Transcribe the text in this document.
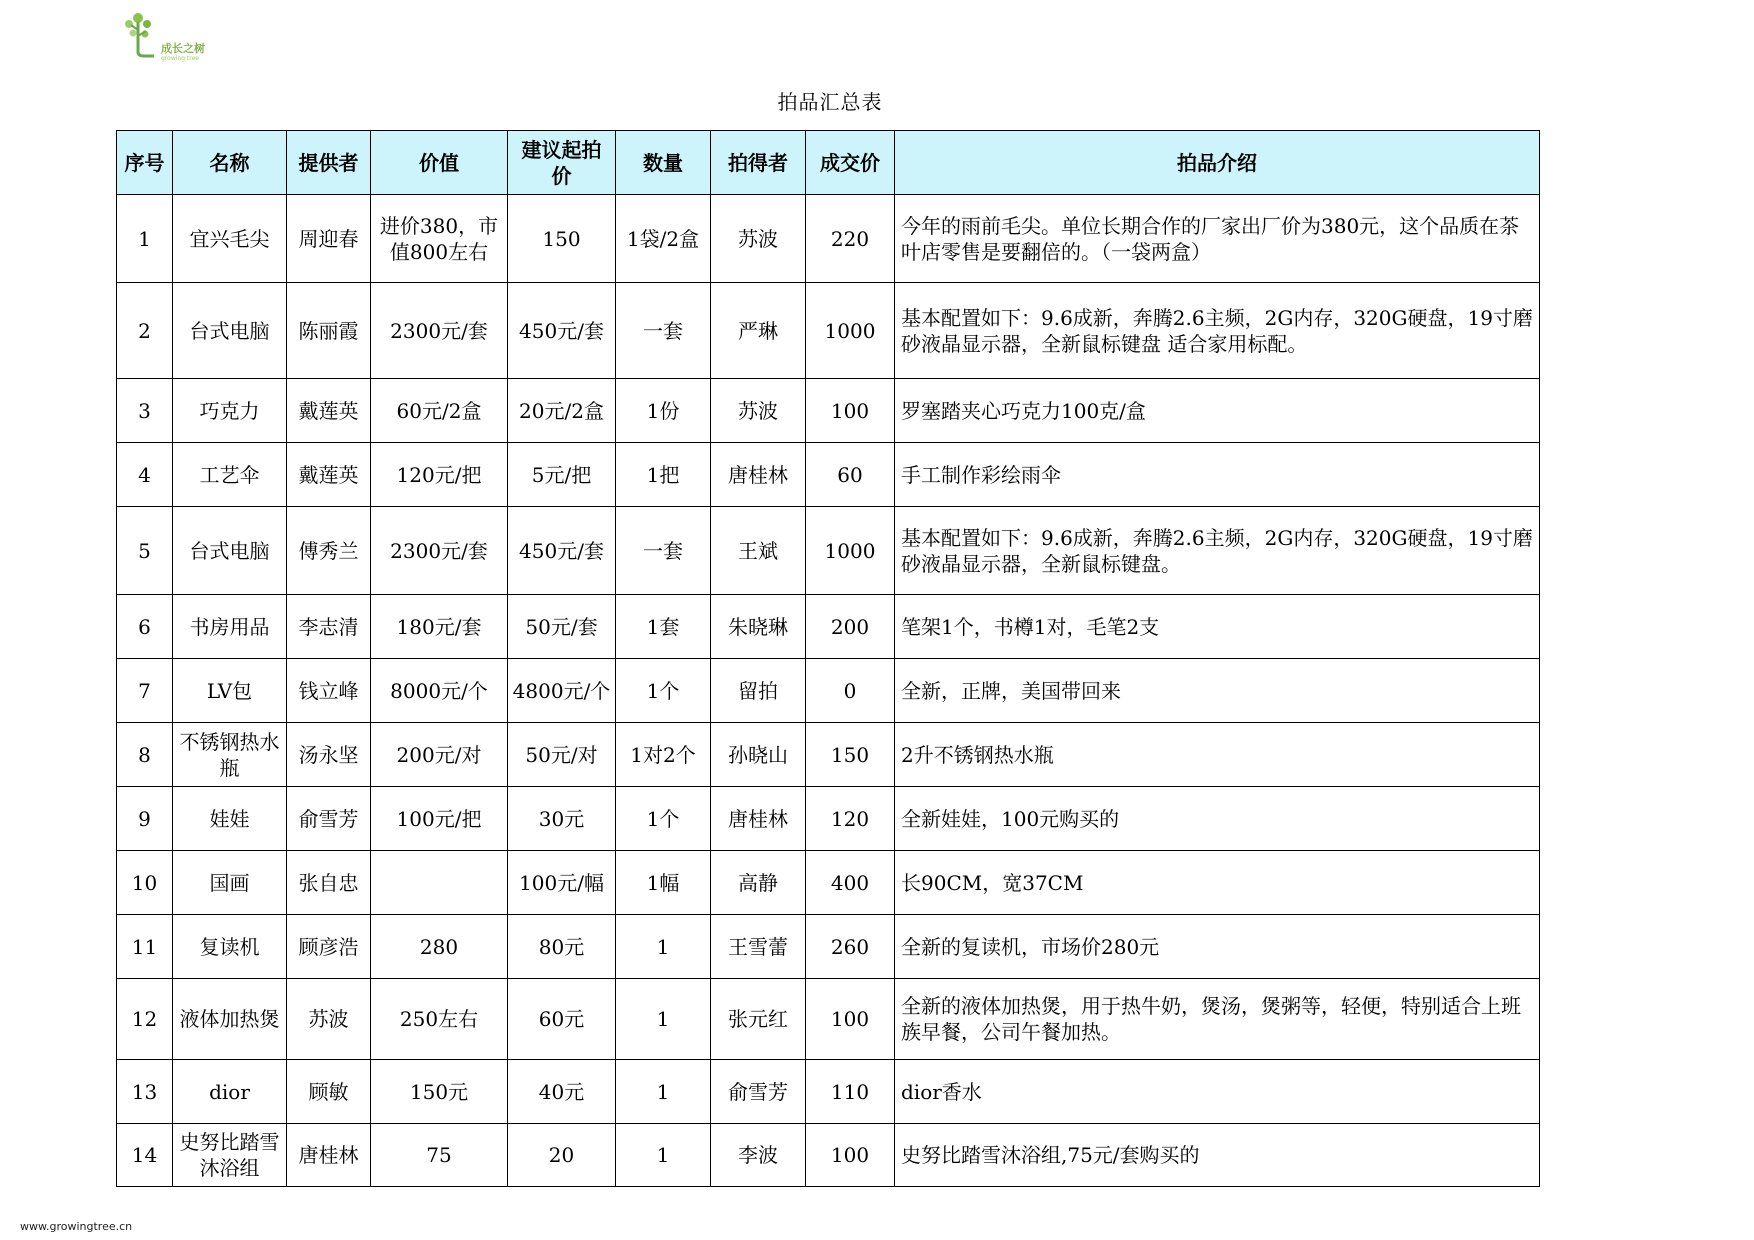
成长之树
growing tree
拍品汇总表
序号	名称	提供者	价值	建议起拍价	数量	拍得者	成交价	拍品介绍
1	宜兴毛尖	周迎春	进价380，市值800左右	150	1袋/2盒	苏波	220	今年的雨前毛尖。单位长期合作的厂家出厂价为380元，这个品质在茶叶店零售是要翻倍的。（一袋两盒）
2	台式电脑	陈丽霞	2300元/套	450元/套	一套	严琳	1000	基本配置如下：9.6成新，奔腾2.6主频，2G内存，320G硬盘，19寸磨砂液晶显示器，全新鼠标键盘 适合家用标配。
3	巧克力	戴莲英	60元/2盒	20元/2盒	1份	苏波	100	罗塞踏夹心巧克力100克/盒
4	工艺伞	戴莲英	120元/把	5元/把	1把	唐桂林	60	手工制作彩绘雨伞
5	台式电脑	傅秀兰	2300元/套	450元/套	一套	王斌	1000	基本配置如下：9.6成新，奔腾2.6主频，2G内存，320G硬盘，19寸磨砂液晶显示器，全新鼠标键盘。
6	书房用品	李志清	180元/套	50元/套	1套	朱晓琳	200	笔架1个，书樽1对，毛笔2支
7	LV包	钱立峰	8000元/个	4800元/个	1个	留拍	0	全新，正牌，美国带回来
8	不锈钢热水瓶	汤永坚	200元/对	50元/对	1对2个	孙晓山	150	2升不锈钢热水瓶
9	娃娃	俞雪芳	100元/把	30元	1个	唐桂林	120	全新娃娃，100元购买的
10	国画	张自忠		100元/幅	1幅	高静	400	长90CM，宽37CM
11	复读机	顾彦浩	280	80元	1	王雪蕾	260	全新的复读机，市场价280元
12	液体加热煲	苏波	250左右	60元	1	张元红	100	全新的液体加热煲，用于热牛奶，煲汤，煲粥等，轻便，特别适合上班族早餐，公司午餐加热。
13	dior	顾敏	150元	40元	1	俞雪芳	110	dior香水
14	史努比踏雪沐浴组	唐桂林	75	20	1	李波	100	史努比踏雪沐浴组,75元/套购买的
www.growingtree.cn
